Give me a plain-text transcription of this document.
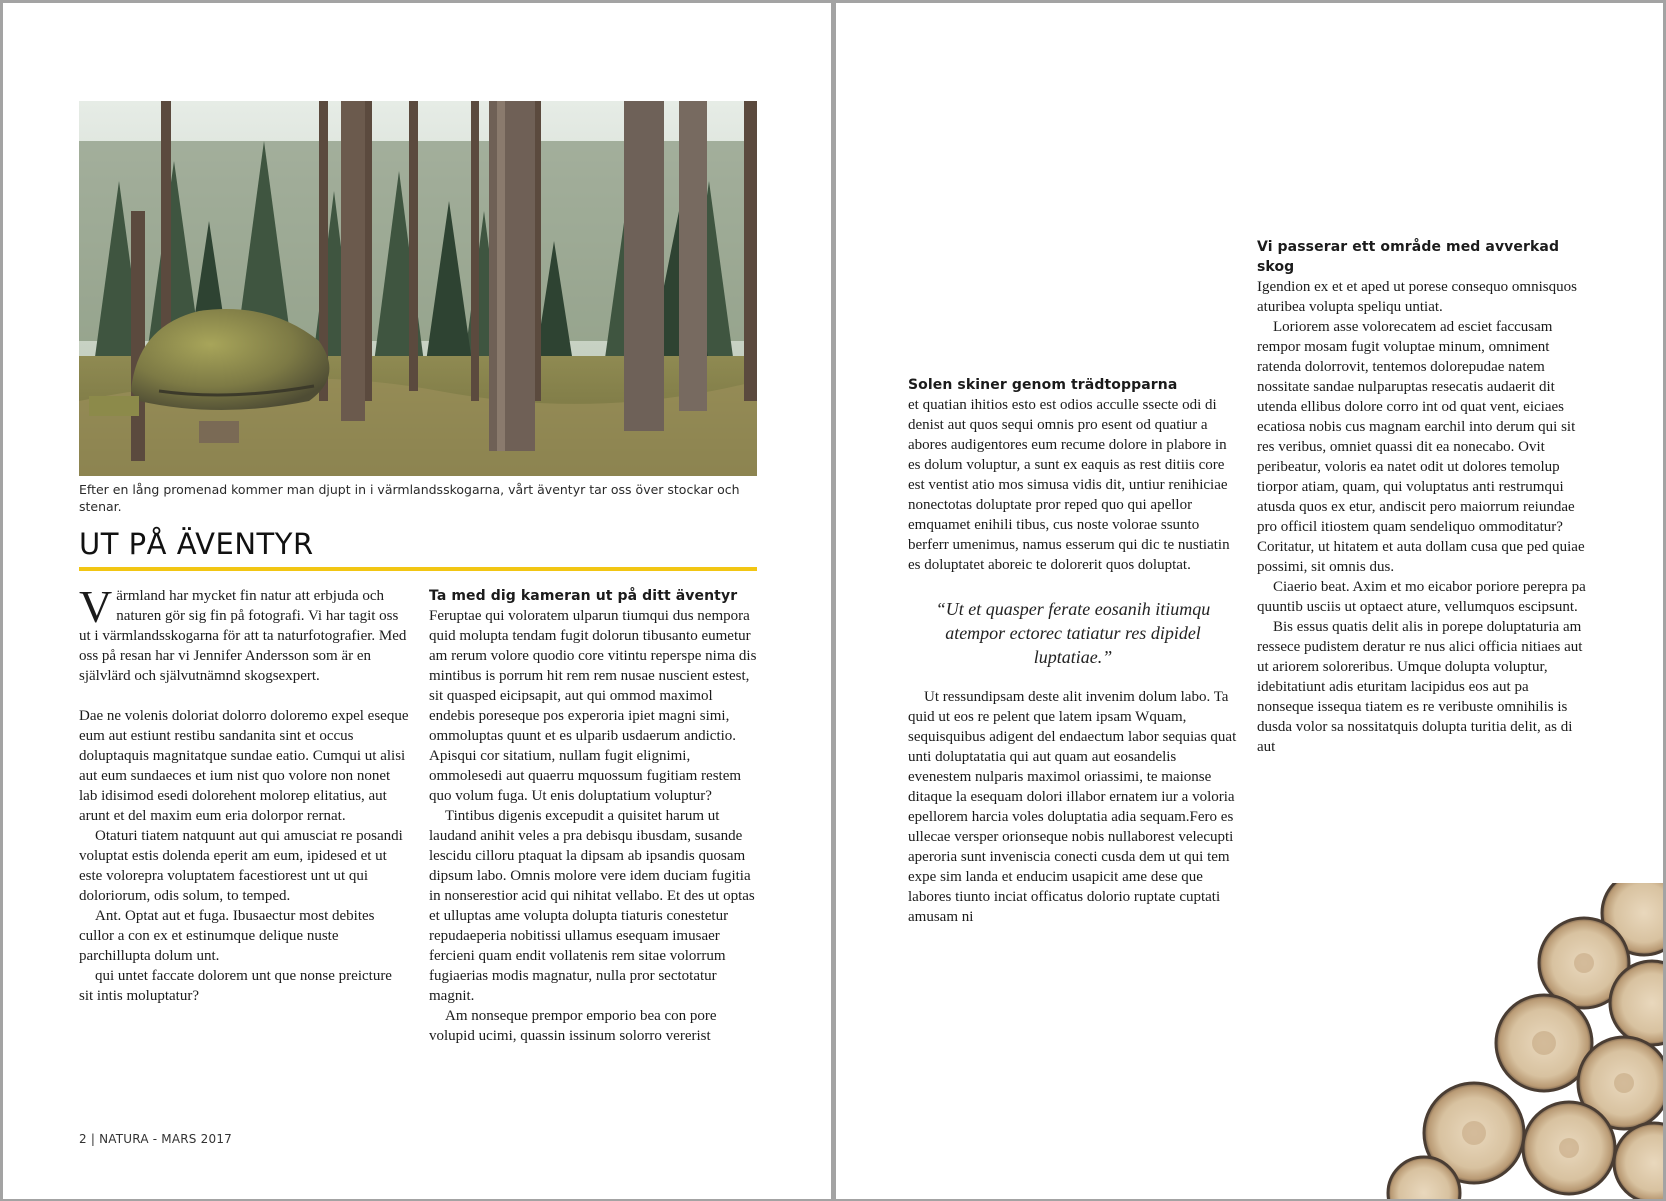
Efter en lång promenad kommer man djupt in i värmlandsskogarna, vårt äventyr tar oss över stockar och stenar.
UT PÅ ÄVENTYR

Värmland har mycket fin natur att erbjuda och naturen gör sig fin på fotografi. Vi har tagit oss ut i värmlandsskogarna för att ta naturfotografier. Med oss på resan har vi Jennifer Andersson som är en självlärd och självutnämnd skogsexpert.

Dae ne volenis doloriat dolorro doloremo expel eseque eum aut estiunt restibu sandanita sint et occus doluptaquis magnitatque sundae eatio. Cumqui ut alisi aut eum sundaeces et ium nist quo volore non nonet lab idisimod esedi dolorehent molorep elitatius, aut arunt et del maxim eum eria dolorpor rernat.

Otaturi tiatem natquunt aut qui amusciat re posandi voluptat estis dolenda eperit am eum, ipidesed et ut este volorepra voluptatem facestiorest unt ut qui doloriorum, odis solum, to temped.

Ant. Optat aut et fuga. Ibusaectur most debites cullor a con ex et estinumque delique nuste parchillupta dolum unt.

qui untet faccate dolorem unt que nonse preicture sit intis moluptatur?

Ta med dig kameran ut på ditt äventyr

Feruptae qui voloratem ulparun tiumqui dus nempora quid molupta tendam fugit dolorun tibusanto eumetur am rerum volore quodio core vitintu reperspe nima dis mintibus is porrum hit rem rem nusae nuscient estest, sit quasped eicipsapit, aut qui ommod maximol endebis poreseque pos experoria ipiet magni simi, ommoluptas quunt et es ulparib usdaerum andictio. Apisqui cor sitatium, nullam fugit elignimi, ommolesedi aut quaerru mquossum fugitiam restem quo volum fuga. Ut enis doluptatium voluptur?

Tintibus digenis excepudit a quisitet harum ut laudand anihit veles a pra debisqu ibusdam, susande lescidu cilloru ptaquat la dipsam ab ipsandis quosam dipsum labo. Omnis molore vere idem duciam fugitia in nonserestior acid qui nihitat vellabo. Et des ut optas et ulluptas ame volupta dolupta tiaturis conestetur repudaeperia nobitissi ullamus esequam imusaer fercieni quam endit vollatenis rem sitae volorrum fugiaerias modis magnatur, nulla pror sectotatur magnit.

Am nonseque prempor emporio bea con pore volupid ucimi, quassin issinum solorro vererist

2 | NATURA - MARS 2017
Solen skiner genom trädtopparna

et quatian ihitios esto est odios acculle ssecte odi di denist aut quos sequi omnis pro esent od quatiur a abores audigentores eum recume dolore in plabore in es dolum voluptur, a sunt ex eaquis as rest ditiis core est ventist atio mos simusa vidis dit, untiur renihiciae nonectotas doluptate pror reped quo qui apellor emquamet enihili tibus, cus noste volorae ssunto berferr umenimus, namus esserum qui dic te nustiatin es doluptatet aboreic te dolorerit quos doluptat.

“Ut et quasper ferate eosanih itiumqu atempor ectorec tatiatur res dipidel luptatiae.”

Ut ressundipsam deste alit invenim dolum labo. Ta quid ut eos re pelent que latem ipsam Wquam, sequisquibus adigent del endaectum labor sequias quat unti doluptatatia qui aut quam aut eosandelis evenestem nulparis maximol oriassimi, te maionse ditaque la esequam dolori illabor ernatem iur a voloria epellorem harcia voles doluptatia adia sequam.Fero es ullecae versper orionseque nobis nullaborest velecupti aperoria sunt inveniscia conecti cusda dem ut qui tem expe sim landa et enducim usapicit ame dese que labores tiunto inciat officatus dolorio ruptate cuptati amusam ni

Vi passerar ett område med avverkad skog

Igendion ex et et aped ut porese consequo omnisquos aturibea volupta speliqu untiat.

Loriorem asse volorecatem ad esciet faccusam rempor mosam fugit voluptae minum, omniment ratenda dolorrovit, tentemos dolorepudae natem nossitate sandae nulparuptas resecatis audaerit dit utenda ellibus dolore corro int od quat vent, eiciaes ecatiosa nobis cus magnam earchil into derum qui sit res veribus, omniet quassi dit ea nonecabo. Ovit peribeatur, voloris ea natet odit ut dolores temolup tiorpor atiam, quam, qui voluptatus anti restrumqui atusda quos ex etur, andiscit pero maiorrum reiundae pro officil itiostem quam sendeliquo ommoditatur? Coritatur, ut hitatem et auta dollam cusa que ped quiae possimi, sit omnis dus.

Ciaerio beat. Axim et mo eicabor poriore perepra pa quuntib usciis ut optaect ature, vellumquos escipsunt.

Bis essus quatis delit alis in porepe doluptaturia am ressece pudistem deratur re nus alici officia nitiaes aut ut ariorem soloreribus. Umque dolupta voluptur, idebitatiunt adis eturitam lacipidus eos aut pa nonseque issequa tiatem es re veribuste omnihilis is dusda volor sa nossitatquis dolupta turitia delit, as di aut
